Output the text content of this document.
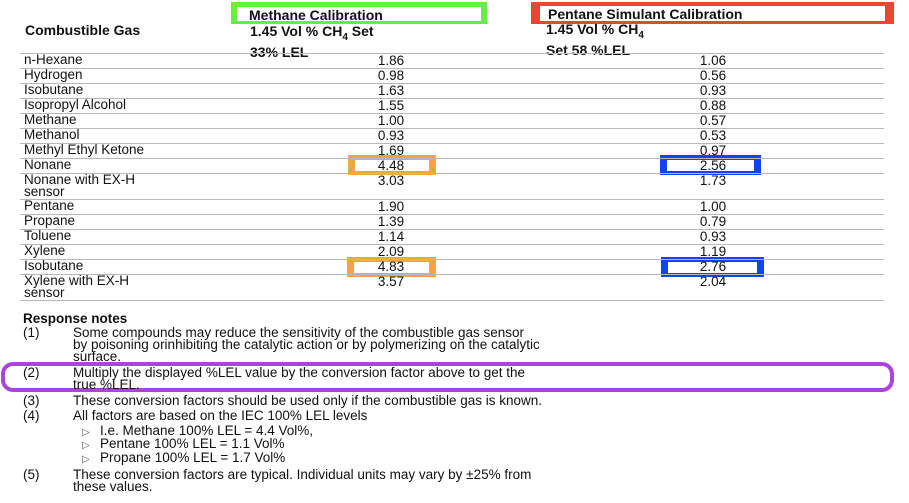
Combustible Gas
Methane Calibration
1.45 Vol % $CH_4$ Set
33% LEL
Pentane Simulant Calibration
1.45 Vol % $CH_4$
Set 58 %LEL
n-Hexane	1.86	1.06
Hydrogen	0.98	0.56
Isobutane	1.63	0.93
Isopropyl Alcohol	1.55	0.88
Methane	1.00	0.57
Methanol	0.93	0.53
Methyl Ethyl Ketone	1.69	0.97
Nonane	4.48	2.56
Nonane with EX-H
sensor
3.03	1.73
Pentane	1.90	1.00
Propane	1.39	0.79
Toluene	1.14	0.93
Xylene	2.09	1.19
Isobutane	4.83	2.76
Xylene with EX-H
sensor
3.57	2.04
Response notes
(1) Some compounds may reduce the sensitivity of the combustible gas sensor
by poisoning orinhibiting the catalytic action or by polymerizing on the catalytic
surface.
(2) Multiply the displayed %LEL value by the conversion factor above to get the
true %LEL.
(3) These conversion factors should be used only if the combustible gas is known.
(4) All factors are based on the IEC 100% LEL levels
▷ I.e. Methane 100% LEL = 4.4 Vol%,
▷ Pentane 100% LEL = 1.1 Vol%
▷ Propane 100% LEL = 1.7 Vol%
(5) These conversion factors are typical. Individual units may vary by ±25% from
these values.
